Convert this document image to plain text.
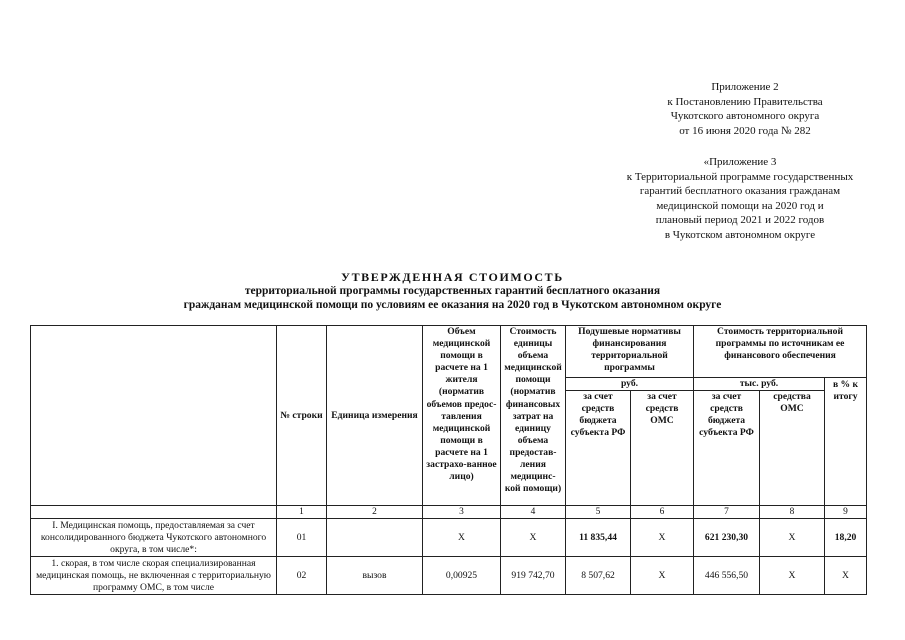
Приложение 2
к Постановлению Правительства
Чукотского автономного округа
от 16 июня 2020 года № 282
«Приложение 3
к Территориальной программе государственных
гарантий бесплатного оказания гражданам
медицинской помощи на 2020 год и
плановый период 2021 и 2022 годов
в Чукотском автономном округе
УТВЕРЖДЕННАЯ СТОИМОСТЬ
территориальной программы государственных гарантий бесплатного оказания
гражданам медицинской помощи по условиям ее оказания на 2020 год в Чукотском автономном округе
	№ строки	Единица измерения	Объем медицинской помощи в расчете на 1 жителя (норматив объемов предос-тавления медицинской помощи в расчете на 1 застрахо-ванное лицо)	Стоимость единицы объема медицинской помощи (норматив финансовых затрат на единицу объема предостав-ления медицинс-кой помощи)	Подушевые нормативы финансирования территориальной программы		Стоимость территориальной программы по источникам ее финансового обеспечения		
					руб.		тыс. руб.		в % к итогу
					за счет средств бюджета субъекта РФ	за счет средств ОМС	за счет средств бюджета субъекта РФ	средства ОМС	
	1	2	3	4	5	6	7	8	9
I. Медицинская помощь, предоставляемая за счет консолидированного бюджета Чукотского автономного округа, в том числе*:	01		Х	Х	11 835,44	Х	621 230,30	Х	18,20
1. скорая, в том числе скорая специализированная медицинская помощь, не включенная с территориальную программу ОМС, в том числе	02	вызов	0,00925	919 742,70	8 507,62	Х	446 556,50	Х	Х
